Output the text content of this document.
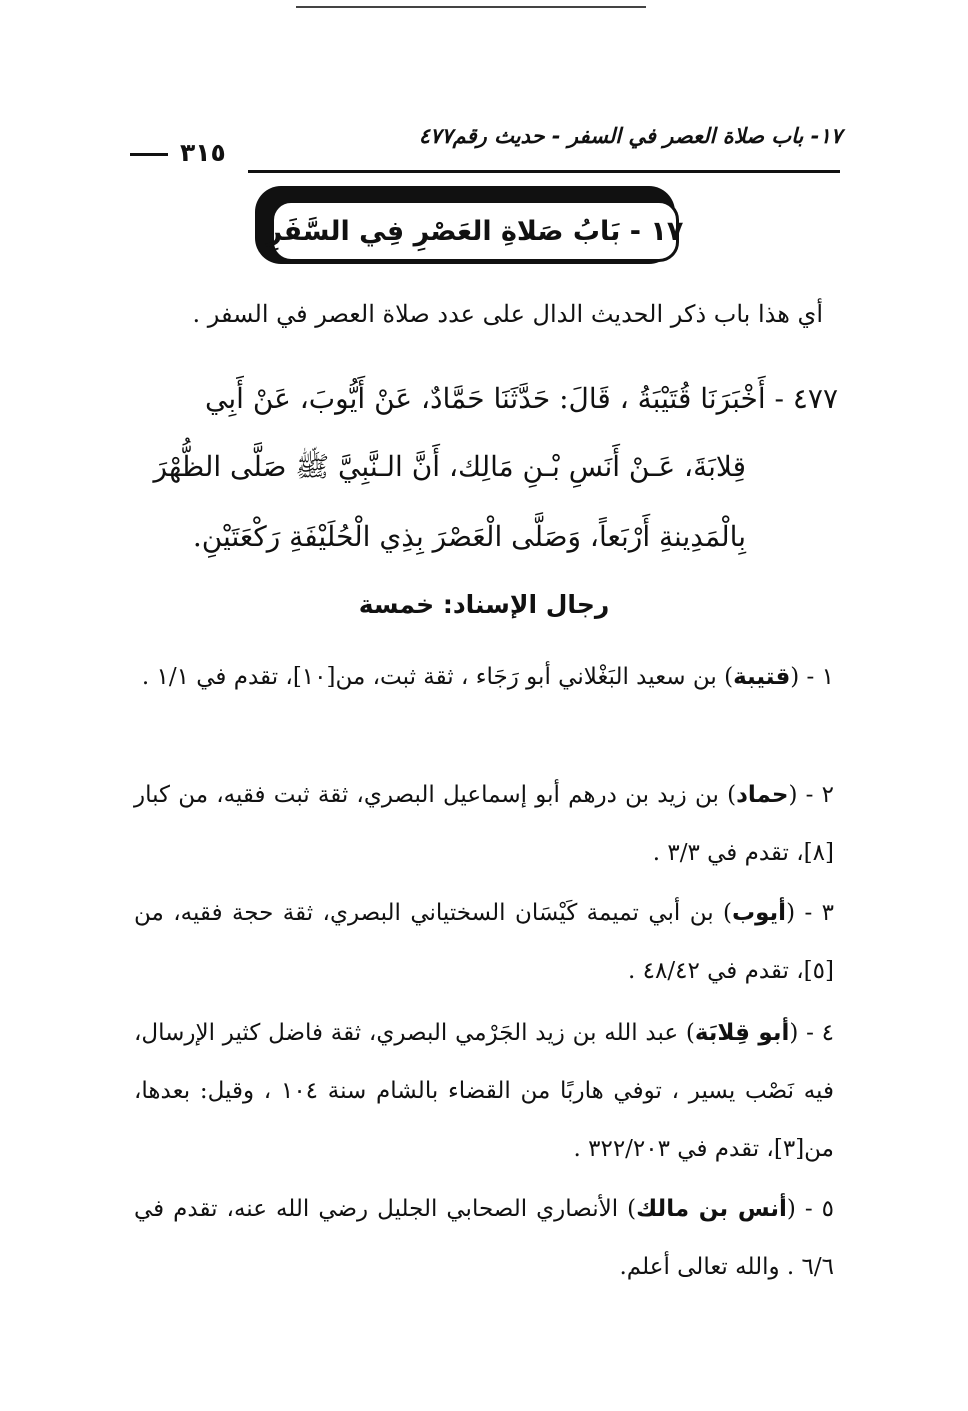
١٧- باب صلاة العصر في السفر - حديث رقم٤٧٧
٣١٥
١٧ - بَابُ صَلاةِ العَصْرِ فِي السَّفَرِ
أي هذا باب ذكر الحديث الدال على عدد صلاة العصر في السفر .
٤٧٧ - أَخْبَرَنَا قُتَيْبَةُ ، قَالَ: حَدَّثَنَا حَمَّادٌ، عَنْ أَيُّوبَ، عَنْ أَبِي
قِلابَةَ، عَـنْ أَنَسِ بْـنِ مَالِك، أَنَّ الـنَّبِيَّ ﷺ صَلَّى الظُّهْرَ
بِالْمَدِينةِ أَرْبَعاً، وَصَلَّى الْعَصْرَ بِذِي الْحُلَيْفَةِ رَكْعَتَيْنِ.
رجال الإسناد: خمسة
١ - (قتيبة) بن سعيد البَغْلاني أبو رَجَاء ، ثقة ثبت، من[١٠]، تقدم في ١/١ .
٢ - (حماد) بن زيد بن درهم أبو إسماعيل البصري، ثقة ثبت فقيه، من كبار [٨]، تقدم في ٣/٣ .
٣ - (أيوب) بن أبي تميمة كَيْسَان السختياني البصري، ثقة حجة فقيه، من [٥]، تقدم في ٤٨/٤٢ .
٤ - (أبو قِلابَة) عبد الله بن زيد الجَرْمي البصري، ثقة فاضل كثير الإرسال، فيه نَصْب يسير ، توفي هاربًا من القضاء بالشام سنة ١٠٤ ، وقيل: بعدها، من[٣]، تقدم في ٣٢٢/٢٠٣ .
٥ - (أنس بن مالك) الأنصاري الصحابي الجليل رضي الله عنه، تقدم في ٦/٦ . والله تعالى أعلم.
